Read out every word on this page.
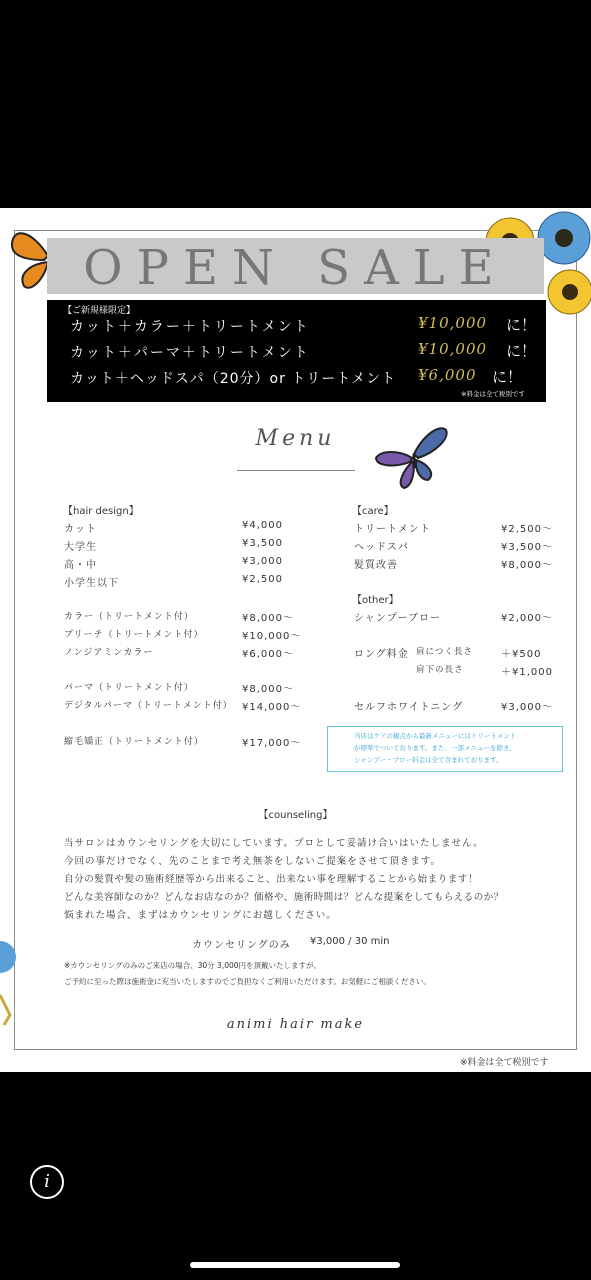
OPEN SALE
【ご新規様限定】
カット＋カラー＋トリートメント	¥10,000 に！
カット＋パーマ＋トリートメント	¥10,000 に！
カット＋ヘッドスパ（20分）or トリートメント ¥6,000 に！
※料金は全て税別です
Menu
【hair design】
カット	¥4,000
大学生	¥3,500
高・中	¥3,000
小学生以下	¥2,500
カラー（トリートメント付）	¥8,000〜
ブリーチ（トリートメント付）	¥10,000〜
ノンジアミンカラー	¥6,000〜
パーマ（トリートメント付）	¥8,000〜
デジタルパーマ（トリートメント付） ¥14,000〜
縮毛矯正（トリートメント付）	¥17,000〜
【care】
トリートメント	¥2,500〜
ヘッドスパ	¥3,500〜
髪質改善	¥8,000〜
【other】
シャンプーブロー	¥2,000〜
ロング料金 肩につく長さ	＋¥500
肩下の長さ	＋¥1,000
セルフホワイトニング	¥3,000〜
当店はケアの観点から最新メニューにはトリートメント
が標準でついております。また、一部メニューを除き、
シャンプー・ブロー料金は全て含まれております。
【counseling】
当サロンはカウンセリングを大切にしています。プロとして妥請け合いはいたしません。
今回の事だけでなく、先のことまで考え無茶をしないご提案をさせて頂きます。
自分の髪質や髪の施術経歴等から出来ること、出来ない事を理解することから始まります！
どんな美容師なのか？どんなお店なのか？価格や、施術時間は？どんな提案をしてもらえるのか？
悩まれた場合、まずはカウンセリングにお越しください。
カウンセリングのみ ¥3,000 / 30 min
※カウンセリングのみのご来店の場合、30分 3,000円を頂戴いたしますが、
ご予約に至った際は施術金に充当いたしますのでご負担なくご利用いただけます。お気軽にご相談ください。
animi hair make
※料金は全て税別です
i
